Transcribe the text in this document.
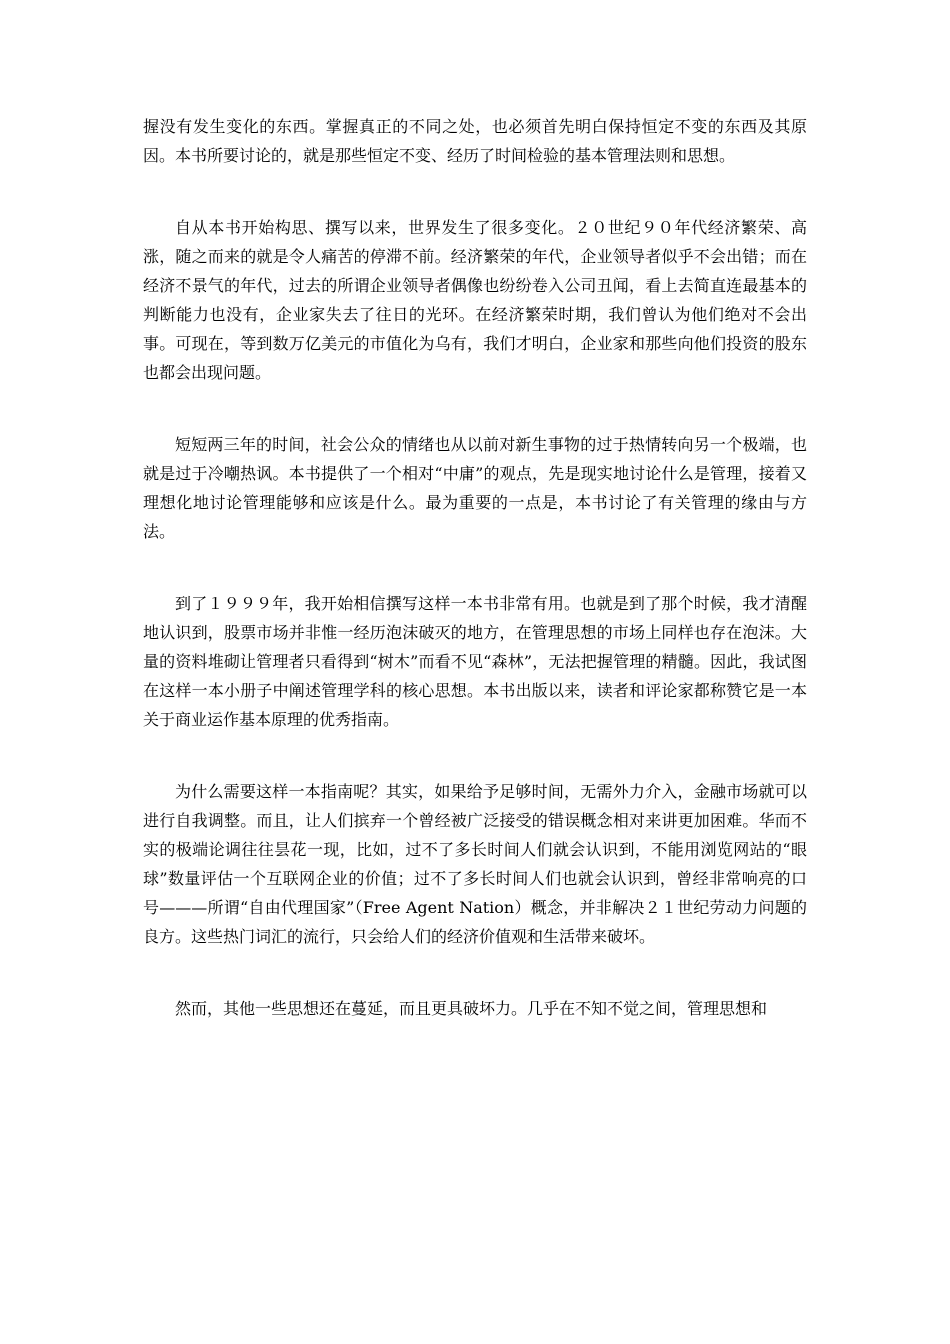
握没有发生变化的东西。掌握真正的不同之处，也必须首先明白保持恒定不变的东西及其原因。本书所要讨论的，就是那些恒定不变、经历了时间检验的基本管理法则和思想。

自从本书开始构思、撰写以来，世界发生了很多变化。２０世纪９０年代经济繁荣、高涨，随之而来的就是令人痛苦的停滞不前。经济繁荣的年代，企业领导者似乎不会出错；而在经济不景气的年代，过去的所谓企业领导者偶像也纷纷卷入公司丑闻，看上去简直连最基本的判断能力也没有，企业家失去了往日的光环。在经济繁荣时期，我们曾认为他们绝对不会出事。可现在，等到数万亿美元的市值化为乌有，我们才明白，企业家和那些向他们投资的股东也都会出现问题。

短短两三年的时间，社会公众的情绪也从以前对新生事物的过于热情转向另一个极端，也就是过于冷嘲热讽。本书提供了一个相对“中庸”的观点，先是现实地讨论什么是管理，接着又理想化地讨论管理能够和应该是什么。最为重要的一点是，本书讨论了有关管理的缘由与方法。

到了１９９９年，我开始相信撰写这样一本书非常有用。也就是到了那个时候，我才清醒地认识到，股票市场并非惟一经历泡沫破灭的地方，在管理思想的市场上同样也存在泡沫。大量的资料堆砌让管理者只看得到“树木”而看不见“森林”，无法把握管理的精髓。因此，我试图在这样一本小册子中阐述管理学科的核心思想。本书出版以来，读者和评论家都称赞它是一本关于商业运作基本原理的优秀指南。

为什么需要这样一本指南呢？其实，如果给予足够时间，无需外力介入，金融市场就可以进行自我调整。而且，让人们摈弃一个曾经被广泛接受的错误概念相对来讲更加困难。华而不实的极端论调往往昙花一现，比如，过不了多长时间人们就会认识到，不能用浏览网站的“眼球”数量评估一个互联网企业的价值；过不了多长时间人们也就会认识到，曾经非常响亮的口号———所谓“自由代理国家”（Free Agent Nation）概念，并非解决２１世纪劳动力问题的良方。这些热门词汇的流行，只会给人们的经济价值观和生活带来破坏。

然而，其他一些思想还在蔓延，而且更具破坏力。几乎在不知不觉之间，管理思想和
